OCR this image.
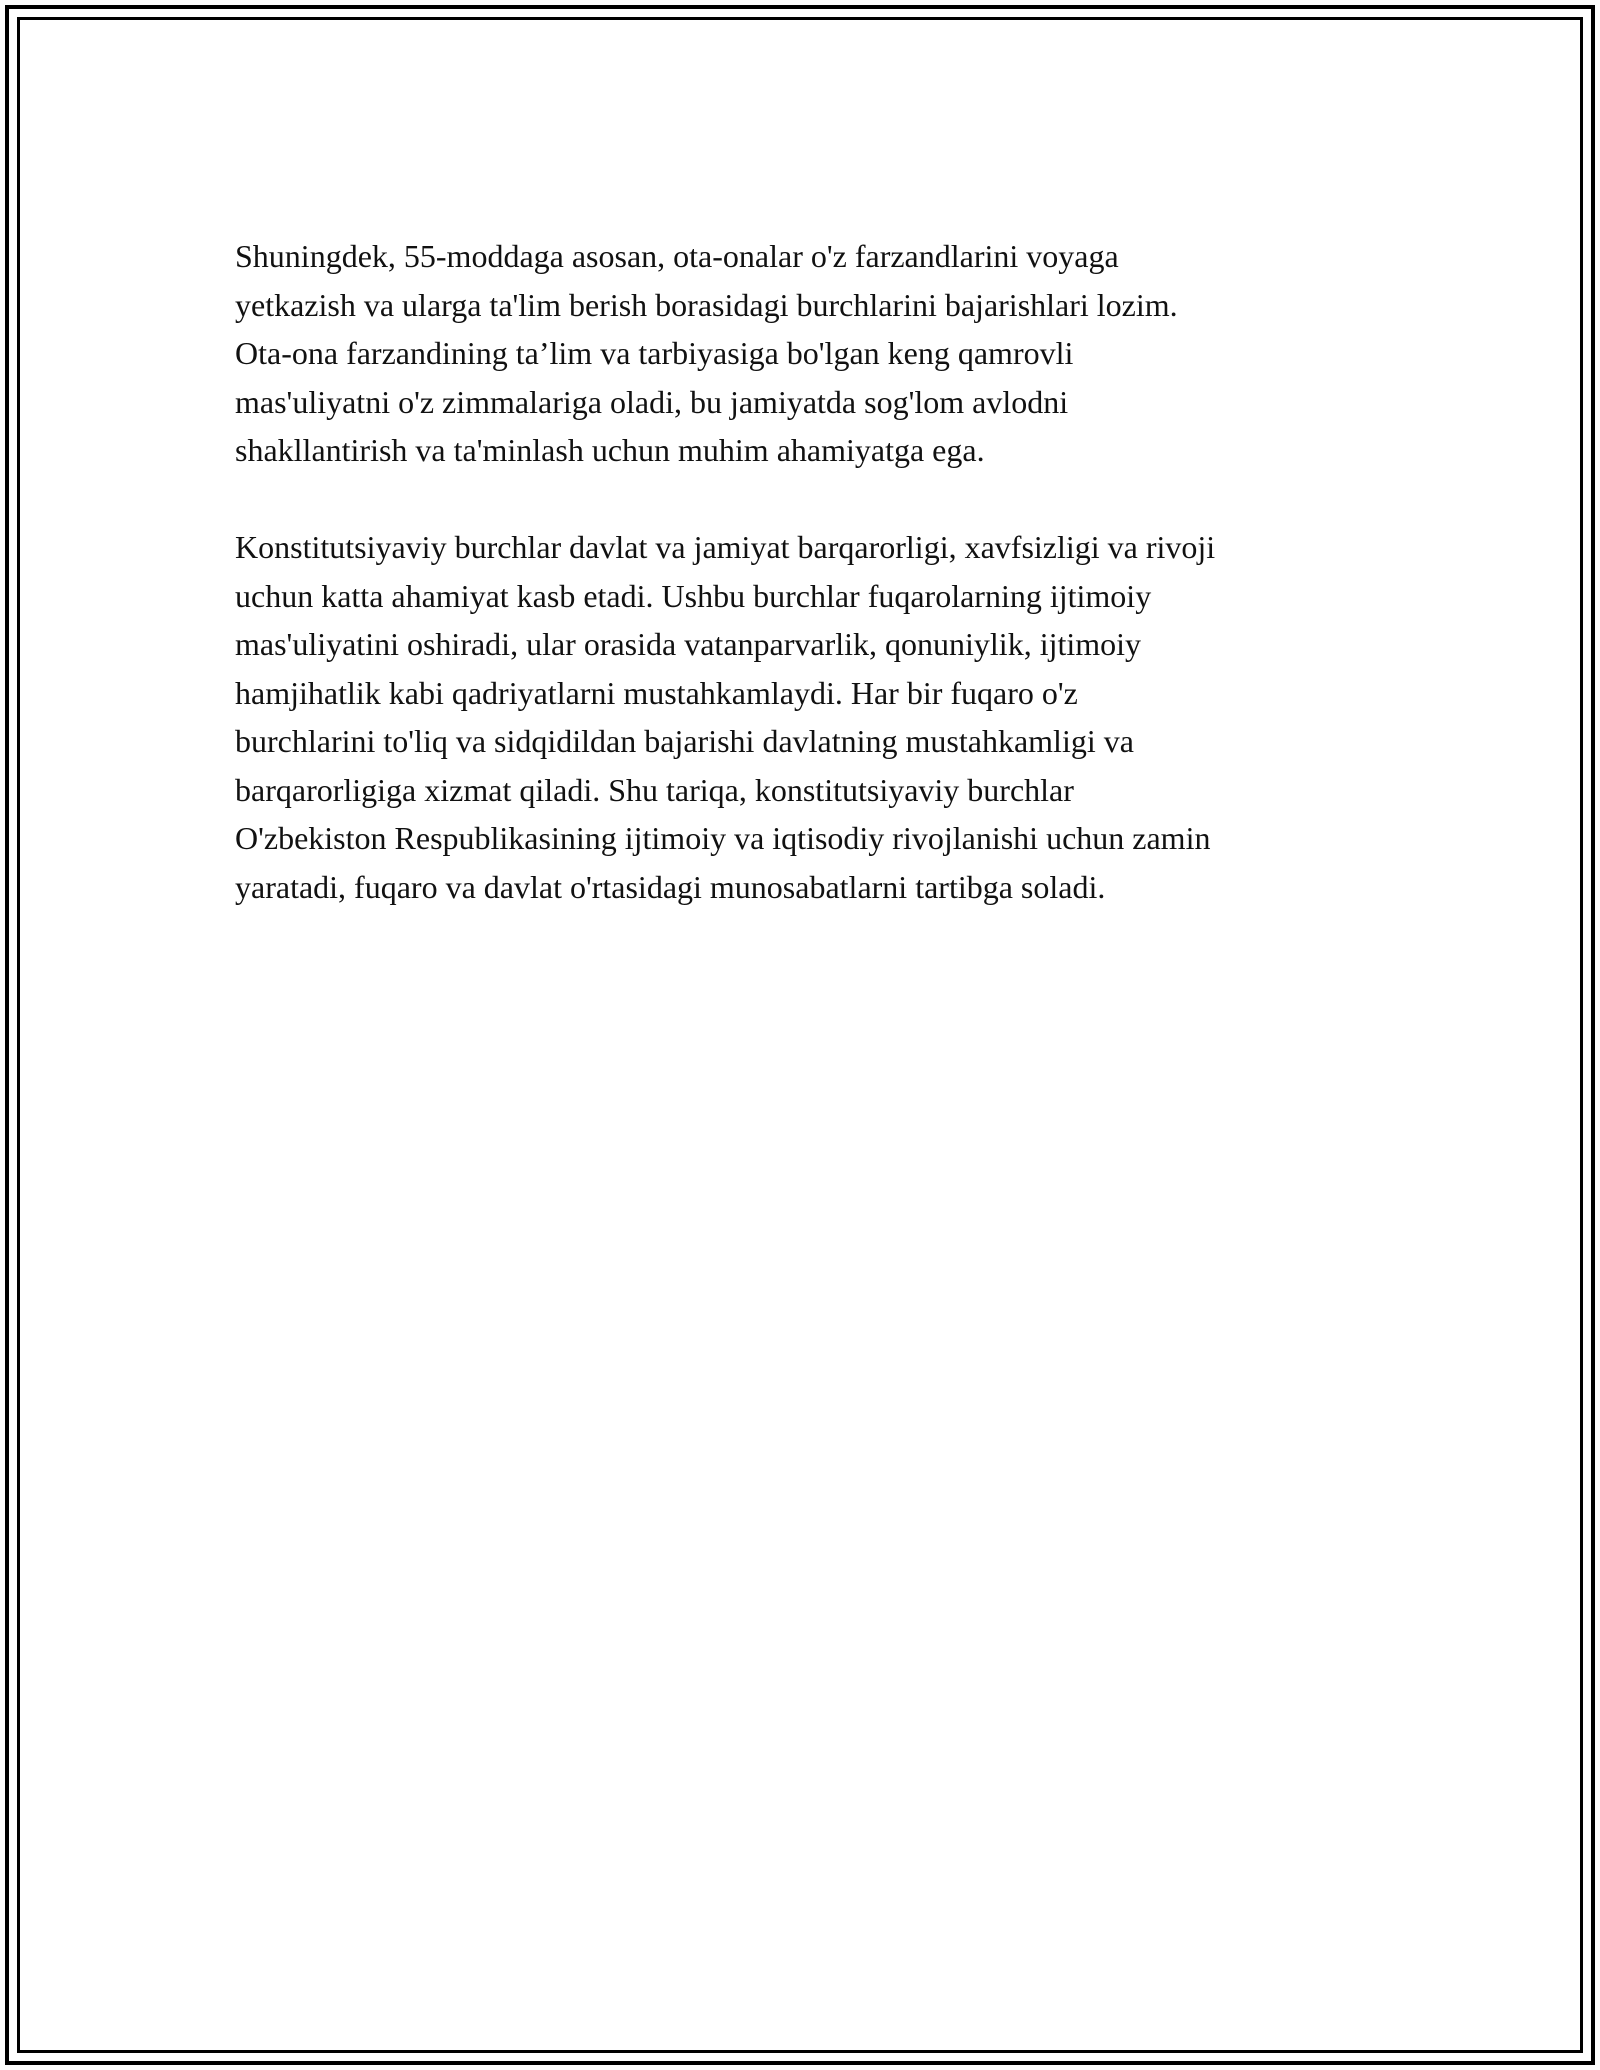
Shuningdek, 55-moddaga asosan, ota-onalar o'z farzandlarini voyaga
yetkazish va ularga ta'lim berish borasidagi burchlarini bajarishlari lozim.
Ota-ona farzandining ta’lim va tarbiyasiga bo'lgan keng qamrovli
mas'uliyatni o'z zimmalariga oladi, bu jamiyatda sog'lom avlodni
shakllantirish va ta'minlash uchun muhim ahamiyatga ega.

Konstitutsiyaviy burchlar davlat va jamiyat barqarorligi, xavfsizligi va rivoji
uchun katta ahamiyat kasb etadi. Ushbu burchlar fuqarolarning ijtimoiy
mas'uliyatini oshiradi, ular orasida vatanparvarlik, qonuniylik, ijtimoiy
hamjihatlik kabi qadriyatlarni mustahkamlaydi. Har bir fuqaro o'z
burchlarini to'liq va sidqidildan bajarishi davlatning mustahkamligi va
barqarorligiga xizmat qiladi. Shu tariqa, konstitutsiyaviy burchlar
O'zbekiston Respublikasining ijtimoiy va iqtisodiy rivojlanishi uchun zamin
yaratadi, fuqaro va davlat o'rtasidagi munosabatlarni tartibga soladi.
